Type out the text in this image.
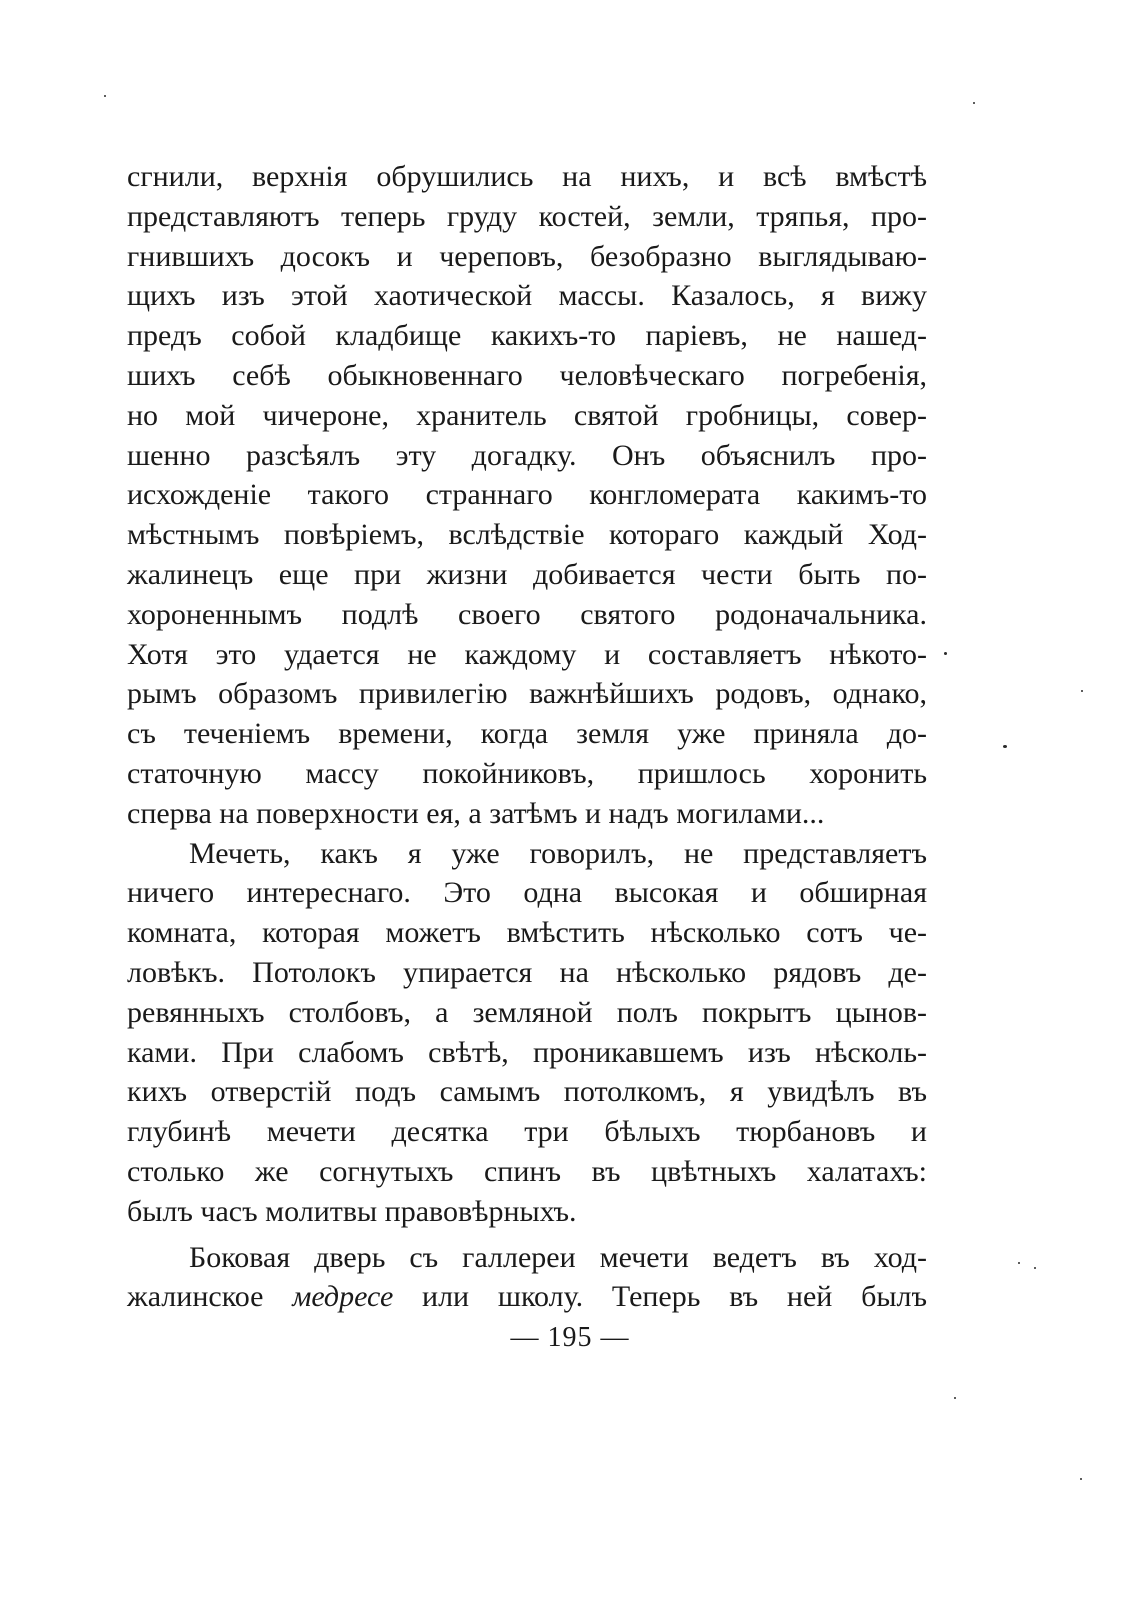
сгнили, верхнія обрушились на нихъ, и всѣ вмѣстѣ
представляютъ теперь груду костей, земли, тряпья, про-
гнившихъ досокъ и череповъ, безобразно выглядываю-
щихъ изъ этой хаотической массы. Казалось, я вижу
предъ собой кладбище какихъ-то паріевъ, не нашед-
шихъ себѣ обыкновеннаго человѣческаго погребенія,
но мой чичероне, хранитель святой гробницы, совер-
шенно разсѣялъ эту догадку. Онъ объяснилъ про-
исхожденіе такого страннаго конгломерата какимъ-то
мѣстнымъ повѣріемъ, вслѣдствіе котораго каждый Ход-
жалинецъ еще при жизни добивается чести быть по-
хороненнымъ подлѣ своего святого родоначальника.
Хотя это удается не каждому и составляетъ нѣкото-
рымъ образомъ привилегію важнѣйшихъ родовъ, однако,
съ теченіемъ времени, когда земля уже приняла до-
статочную массу покойниковъ, пришлось хоронить
сперва на поверхности ея, а затѣмъ и надъ могилами...
Мечеть, какъ я уже говорилъ, не представляетъ
ничего интереснаго. Это одна высокая и обширная
комната, которая можетъ вмѣстить нѣсколько сотъ че-
ловѣкъ. Потолокъ упирается на нѣсколько рядовъ де-
ревянныхъ столбовъ, а земляной полъ покрытъ цынов-
ками. При слабомъ свѣтѣ, проникавшемъ изъ нѣсколь-
кихъ отверстій подъ самымъ потолкомъ, я увидѣлъ въ
глубинѣ мечети десятка три бѣлыхъ тюрбановъ и
столько же согнутыхъ спинъ въ цвѣтныхъ халатахъ:
былъ часъ молитвы правовѣрныхъ.
Боковая дверь съ галлереи мечети ведетъ въ ход-
жалинское медресе или школу. Теперь въ ней былъ
— 195 —
